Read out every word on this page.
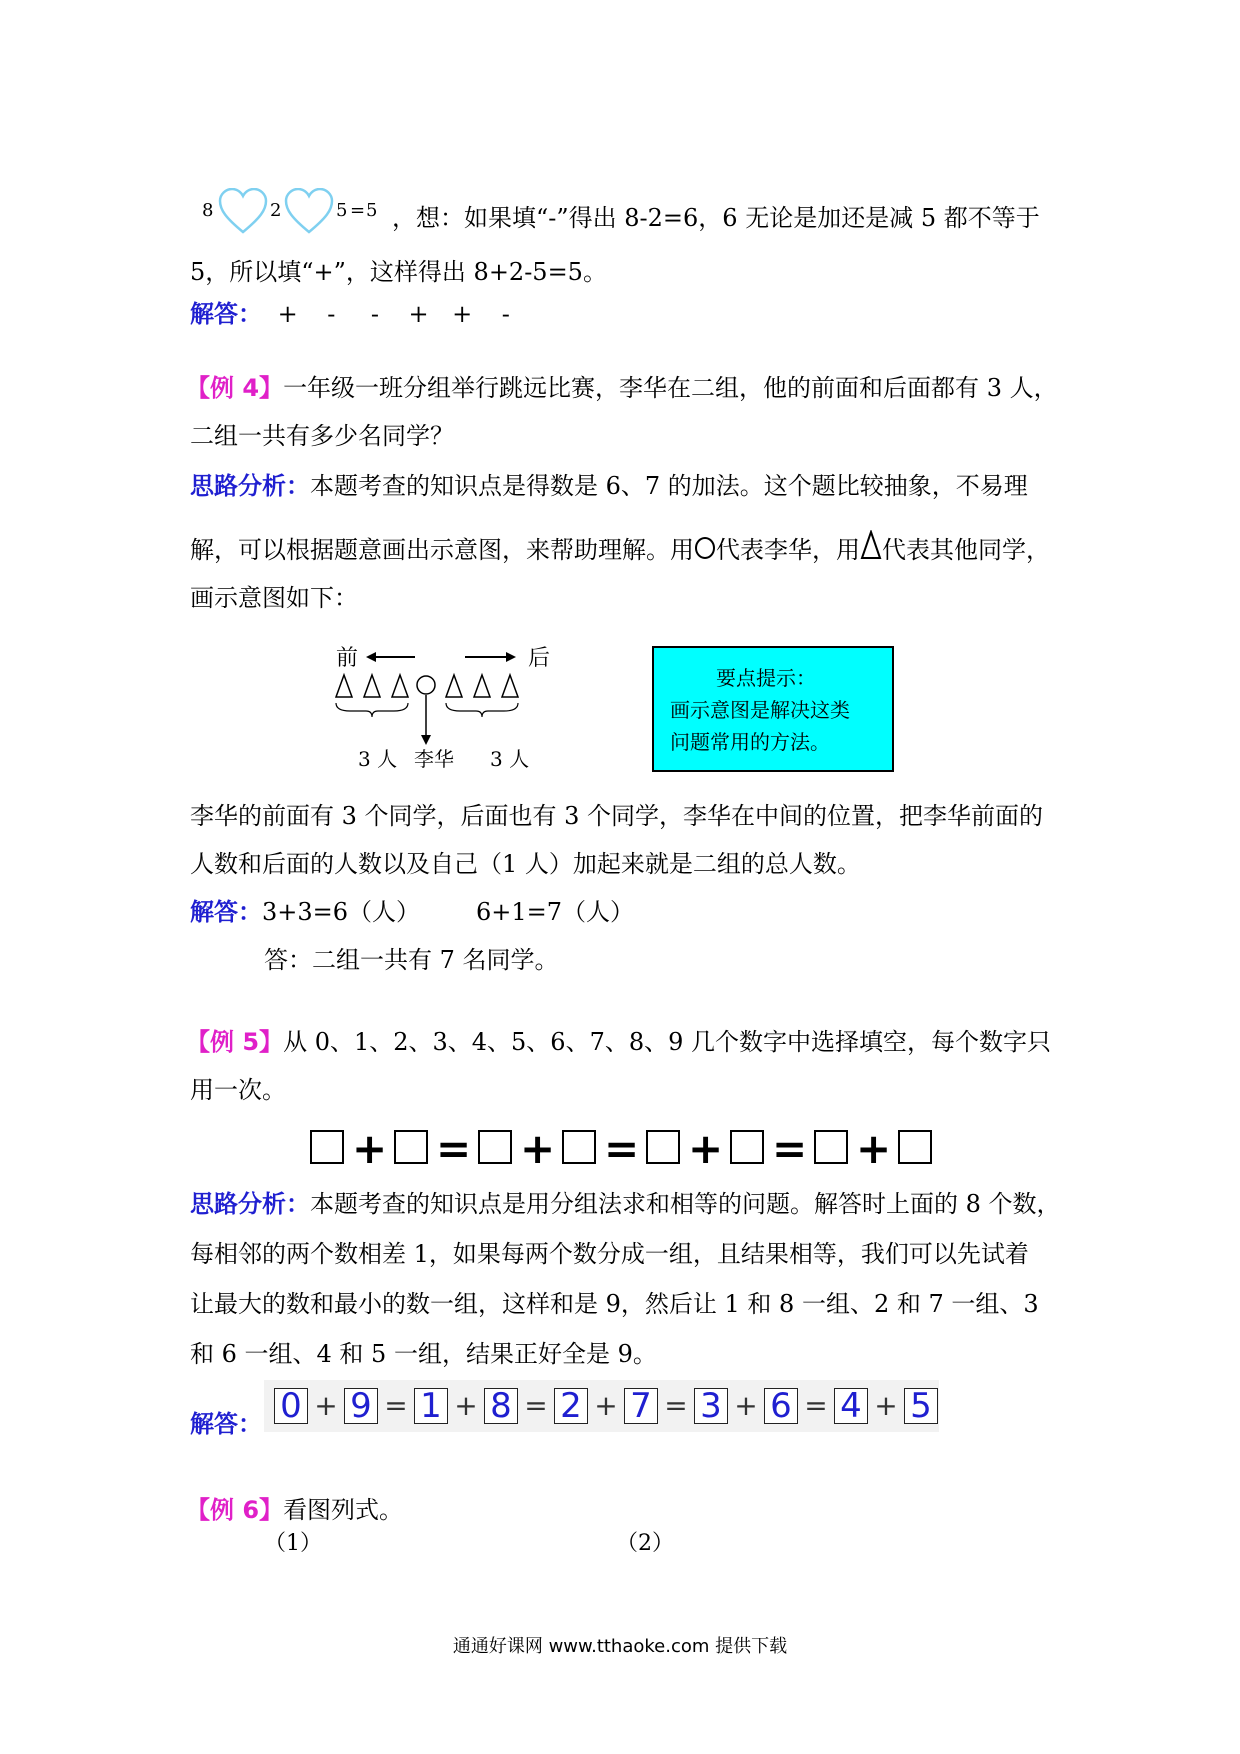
8	2	5 = 5 ，想：如果填“-”得出 8-2=6，6 无论是加还是减 5 都不等于
5，所以填“+”，这样得出 8+2-5=5。
解答： + - - + + -
【例 4】一年级一班分组举行跳远比赛，李华在二组，他的前面和后面都有 3 人，
二组一共有多少名同学？
思路分析：本题考查的知识点是得数是 6、7 的加法。这个题比较抽象，不易理
解，可以根据题意画出示意图，来帮助理解。用 代表李华，用 代表其他同学，
画示意图如下：
前	后
3 人 李华 3 人
要点提示：
画示意图是解决这类
问题常用的方法。
李华的前面有 3 个同学，后面也有 3 个同学，李华在中间的位置，把李华前面的
人数和后面的人数以及自己（1 人）加起来就是二组的总人数。
解答：3+3=6（人） 6+1=7（人）
答：二组一共有 7 名同学。
【例 5】从 0、1、2、3、4、5、6、7、8、9 几个数字中选择填空，每个数字只
用一次。
+ = + = + = +
思路分析：本题考查的知识点是用分组法求和相等的问题。解答时上面的 8 个数，
每相邻的两个数相差 1，如果每两个数分成一组，且结果相等，我们可以先试着
让最大的数和最小的数一组，这样和是 9，然后让 1 和 8 一组、2 和 7 一组、3
和 6 一组、4 和 5 一组，结果正好全是 9。
解答： 0 + 9 = 1 + 8 = 2 + 7 = 3 + 6 = 4 + 5
【例 6】看图列式。
（1）	（2）
通通好课网 www.tthaoke.com 提供下载
